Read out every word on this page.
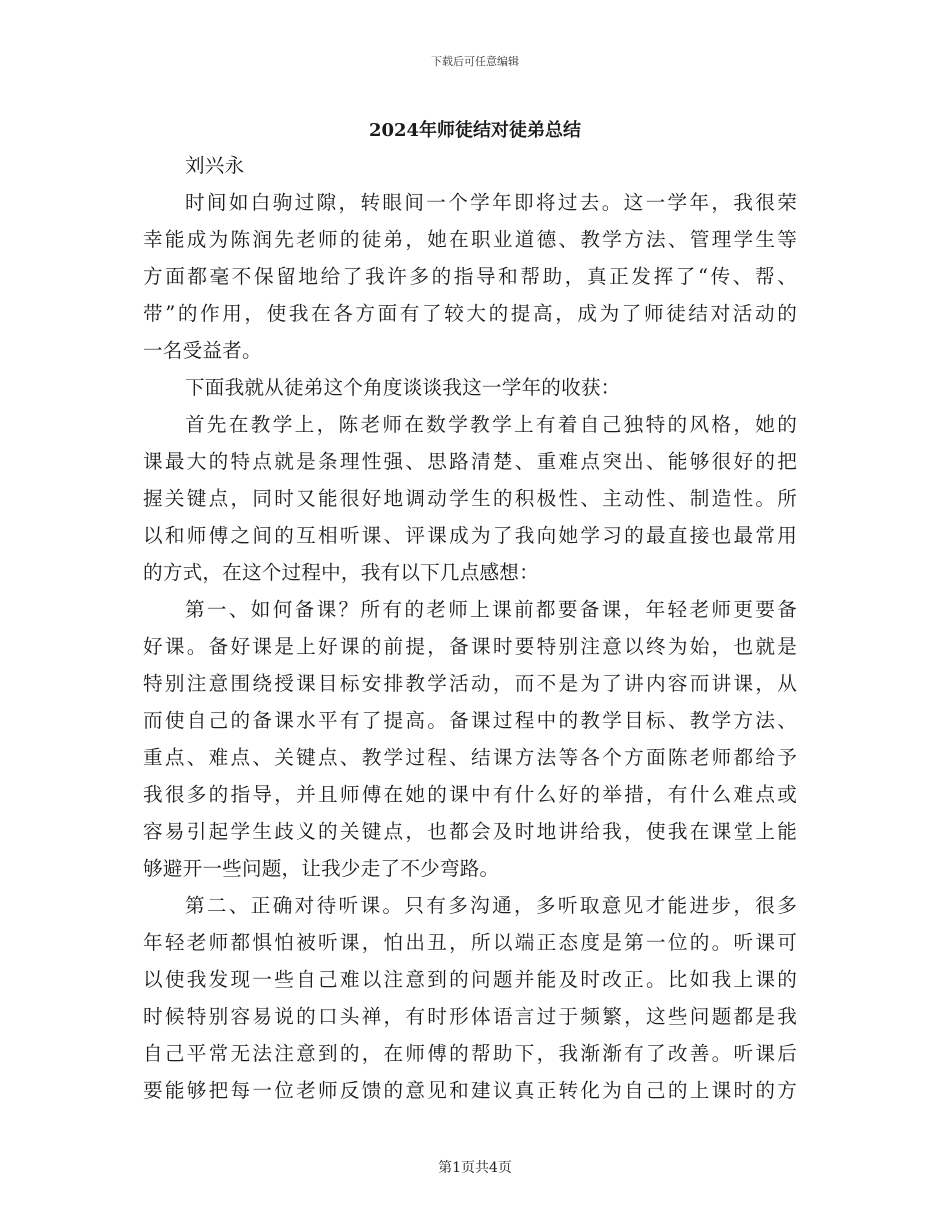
下载后可任意编辑
2024年师徒结对徒弟总结
刘兴永
时间如白驹过隙，转眼间一个学年即将过去。这一学年，我很荣
幸能成为陈润先老师的徒弟，她在职业道德、教学方法、管理学生等
方面都毫不保留地给了我许多的指导和帮助，真正发挥了“传、帮、
带”的作用，使我在各方面有了较大的提高，成为了师徒结对活动的
一名受益者。
下面我就从徒弟这个角度谈谈我这一学年的收获：
首先在教学上，陈老师在数学教学上有着自己独特的风格，她的
课最大的特点就是条理性强、思路清楚、重难点突出、能够很好的把
握关键点，同时又能很好地调动学生的积极性、主动性、制造性。所
以和师傅之间的互相听课、评课成为了我向她学习的最直接也最常用
的方式，在这个过程中，我有以下几点感想：
第一、如何备课？所有的老师上课前都要备课，年轻老师更要备
好课。备好课是上好课的前提，备课时要特别注意以终为始，也就是
特别注意围绕授课目标安排教学活动，而不是为了讲内容而讲课，从
而使自己的备课水平有了提高。备课过程中的教学目标、教学方法、
重点、难点、关键点、教学过程、结课方法等各个方面陈老师都给予
我很多的指导，并且师傅在她的课中有什么好的举措，有什么难点或
容易引起学生歧义的关键点，也都会及时地讲给我，使我在课堂上能
够避开一些问题，让我少走了不少弯路。
第二、正确对待听课。只有多沟通，多听取意见才能进步，很多
年轻老师都惧怕被听课，怕出丑，所以端正态度是第一位的。听课可
以使我发现一些自己难以注意到的问题并能及时改正。比如我上课的
时候特别容易说的口头禅，有时形体语言过于频繁，这些问题都是我
自己平常无法注意到的，在师傅的帮助下，我渐渐有了改善。听课后
要能够把每一位老师反馈的意见和建议真正转化为自己的上课时的方
第1页共4页
